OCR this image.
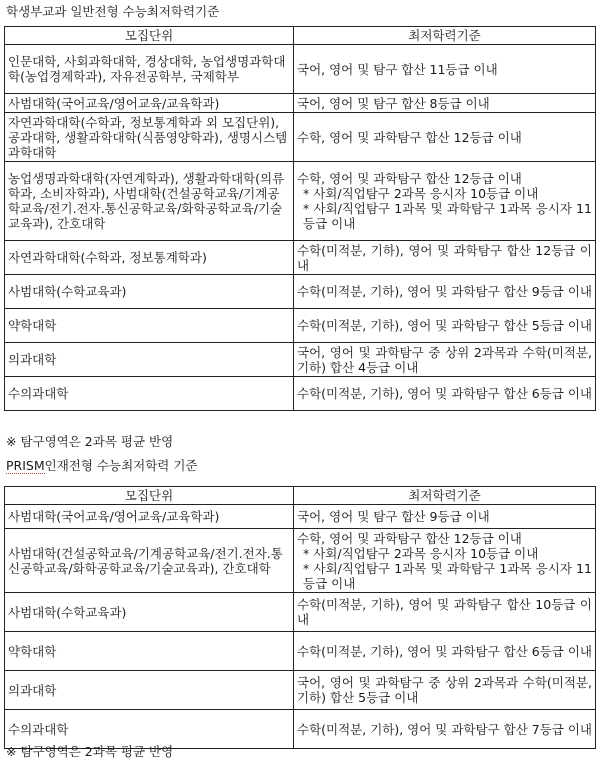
학생부교과 일반전형 수능최저학력기준
모집단위	최저학력기준
인문대학, 사회과학대학, 경상대학, 농업생명과학대학(농업경제학과), 자유전공학부, 국제학부	국어, 영어 및 탐구 합산 11등급 이내

사범대학(국어교육/영어교육/교육학과)	국어, 영어 및 탐구 합산 8등급 이내

자연과학대학(수학과, 정보통계학과 외 모집단위), 공과대학, 생활과학대학(식품영양학과), 생명시스템과학대학	수학, 영어 및 과학탐구 합산 12등급 이내

농업생명과학대학(자연계학과), 생활과학대학(의류학과, 소비자학과), 사범대학(건설공학교육/기계공학교육/전기.전자.통신공학교육/화학공학교육/기술교육과), 간호대학	수학, 영어 및 과학탐구 합산 12등급 이내
* 사회/직업탐구 2과목 응시자 10등급 이내
* 사회/직업탐구 1과목 및 과학탐구 1과목 응시자 11등급 이내

자연과학대학(수학과, 정보통계학과)	수학(미적분, 기하), 영어 및 과학탐구 합산 12등급 이내

사범대학(수학교육과)	수학(미적분, 기하), 영어 및 과학탐구 합산 9등급 이내

약학대학	수학(미적분, 기하), 영어 및 과학탐구 합산 5등급 이내

의과대학	국어, 영어 및 과학탐구 중 상위 2과목과 수학(미적분, 기하) 합산 4등급 이내

수의과대학	수학(미적분, 기하), 영어 및 과학탐구 합산 6등급 이내
※ 탐구영역은 2과목 평균 반영
PRISM인재전형 수능최저학력 기준
모집단위	최저학력기준
사범대학(국어교육/영어교육/교육학과)	국어, 영어 및 탐구 합산 9등급 이내

사범대학(건설공학교육/기계공학교육/전기.전자.통신공학교육/화학공학교육/기술교육과), 간호대학	수학, 영어 및 과학탐구 합산 12등급 이내
* 사회/직업탐구 2과목 응시자 10등급 이내
* 사회/직업탐구 1과목 및 과학탐구 1과목 응시자 11등급 이내

사범대학(수학교육과)	수학(미적분, 기하), 영어 및 과학탐구 합산 10등급 이내

약학대학	수학(미적분, 기하), 영어 및 과학탐구 합산 6등급 이내

의과대학	국어, 영어 및 과학탐구 중 상위 2과목과 수학(미적분, 기하) 합산 5등급 이내

수의과대학	수학(미적분, 기하), 영어 및 과학탐구 합산 7등급 이내
※ 탐구영역은 2과목 평균 반영
